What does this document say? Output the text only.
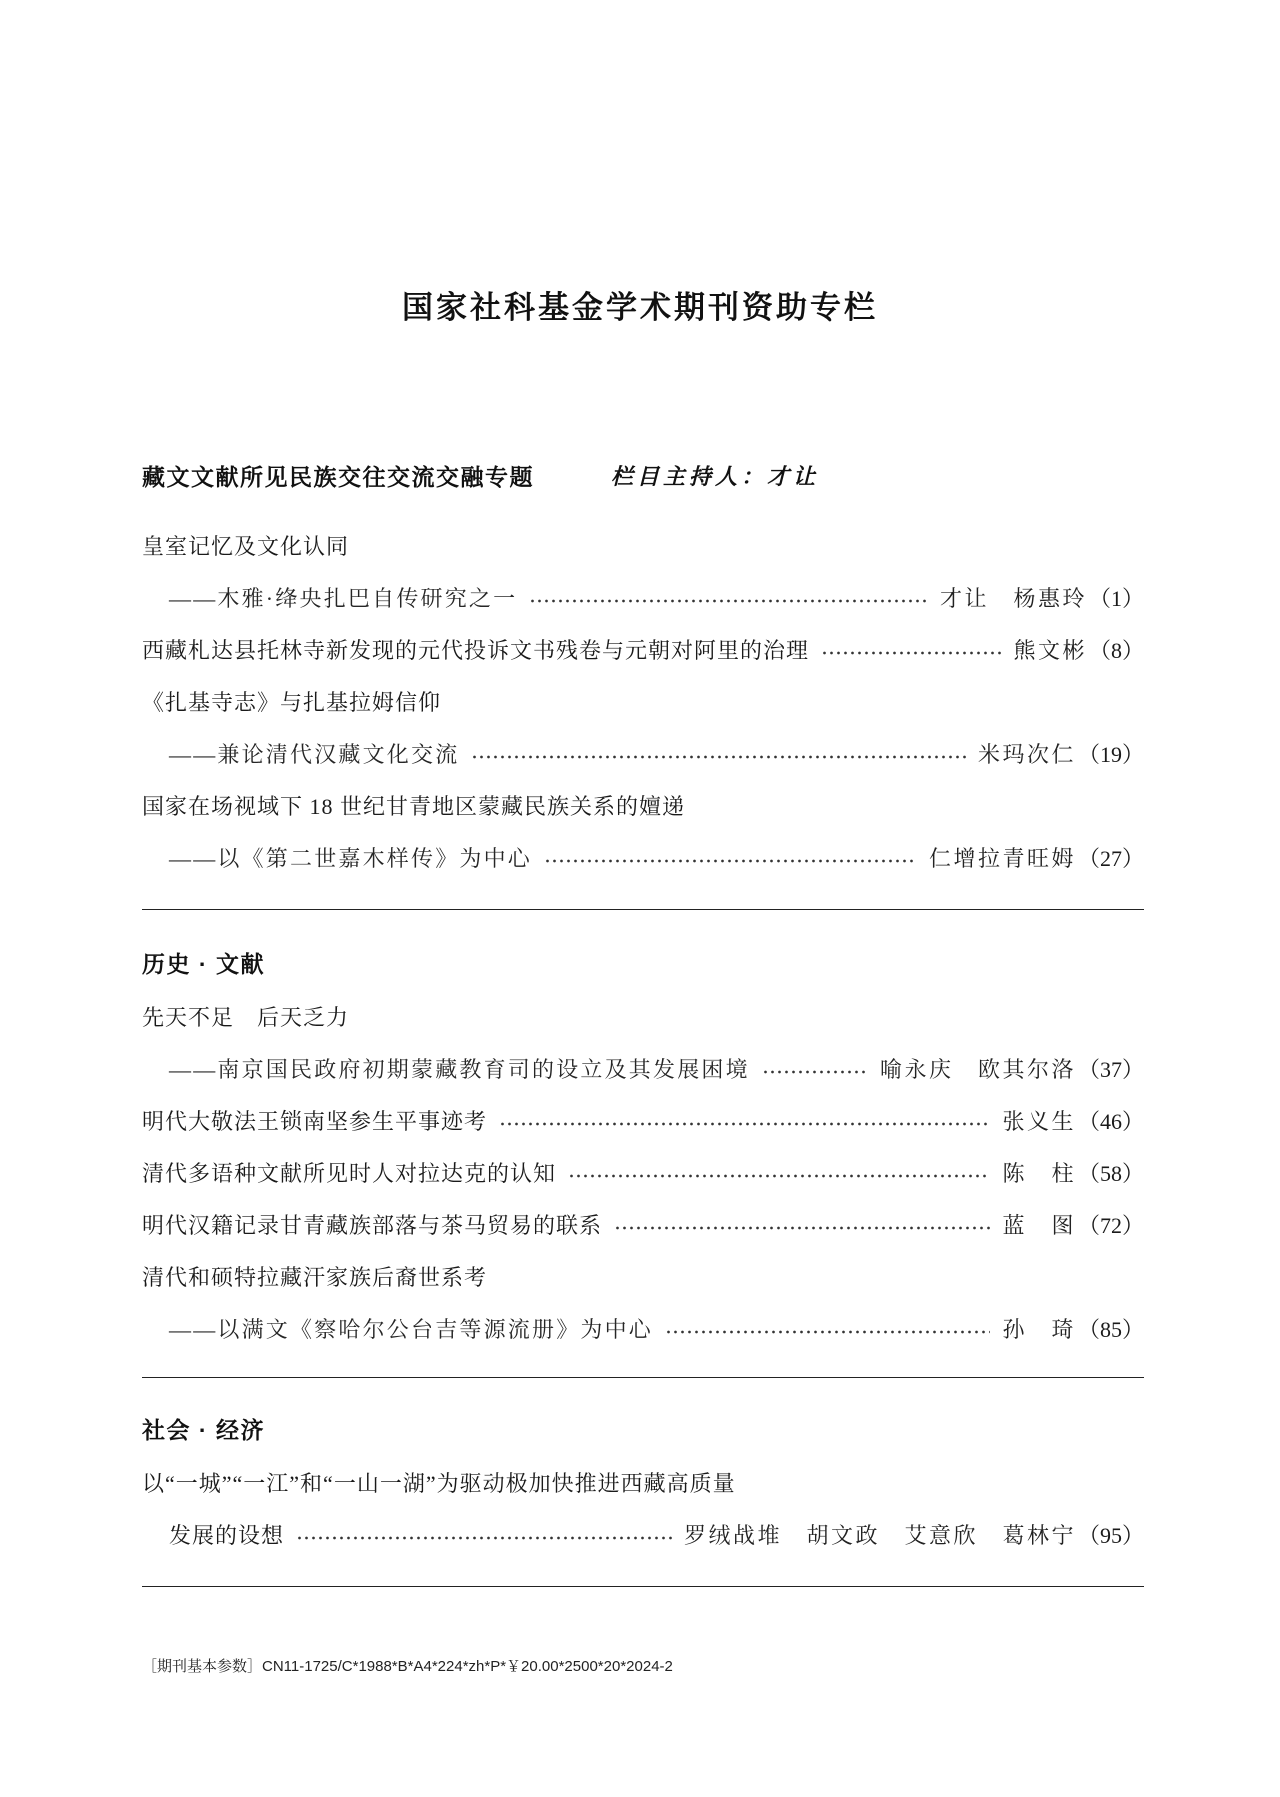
国家社科基金学术期刊资助专栏
藏文文献所见民族交往交流交融专题	栏目主持人：才让
皇室记忆及文化认同
——木雅·绛央扎巴自传研究之一	才让　杨惠玲 （1）
西藏札达县托林寺新发现的元代投诉文书残卷与元朝对阿里的治理	熊文彬 （8）
《扎基寺志》与扎基拉姆信仰
——兼论清代汉藏文化交流	米玛次仁 （19）
国家在场视域下 18 世纪甘青地区蒙藏民族关系的嬗递
——以《第二世嘉木样传》为中心	仁增拉青旺姆 （27）
历史 · 文献
先天不足　后天乏力
——南京国民政府初期蒙藏教育司的设立及其发展困境	喻永庆　欧其尔洛 （37）
明代大敬法王锁南坚参生平事迹考	张义生 （46）
清代多语种文献所见时人对拉达克的认知	陈　柱 （58）
明代汉籍记录甘青藏族部落与茶马贸易的联系	蓝　图 （72）
清代和硕特拉藏汗家族后裔世系考
——以满文《察哈尔公台吉等源流册》为中心	孙　琦 （85）
社会 · 经济
以“一城”“一江”和“一山一湖”为驱动极加快推进西藏高质量
发展的设想	罗绒战堆　胡文政　艾意欣　葛林宁 （95）
［期刊基本参数］CN11-1725/C*1988*B*A4*224*zh*P*￥20.00*2500*20*2024-2
